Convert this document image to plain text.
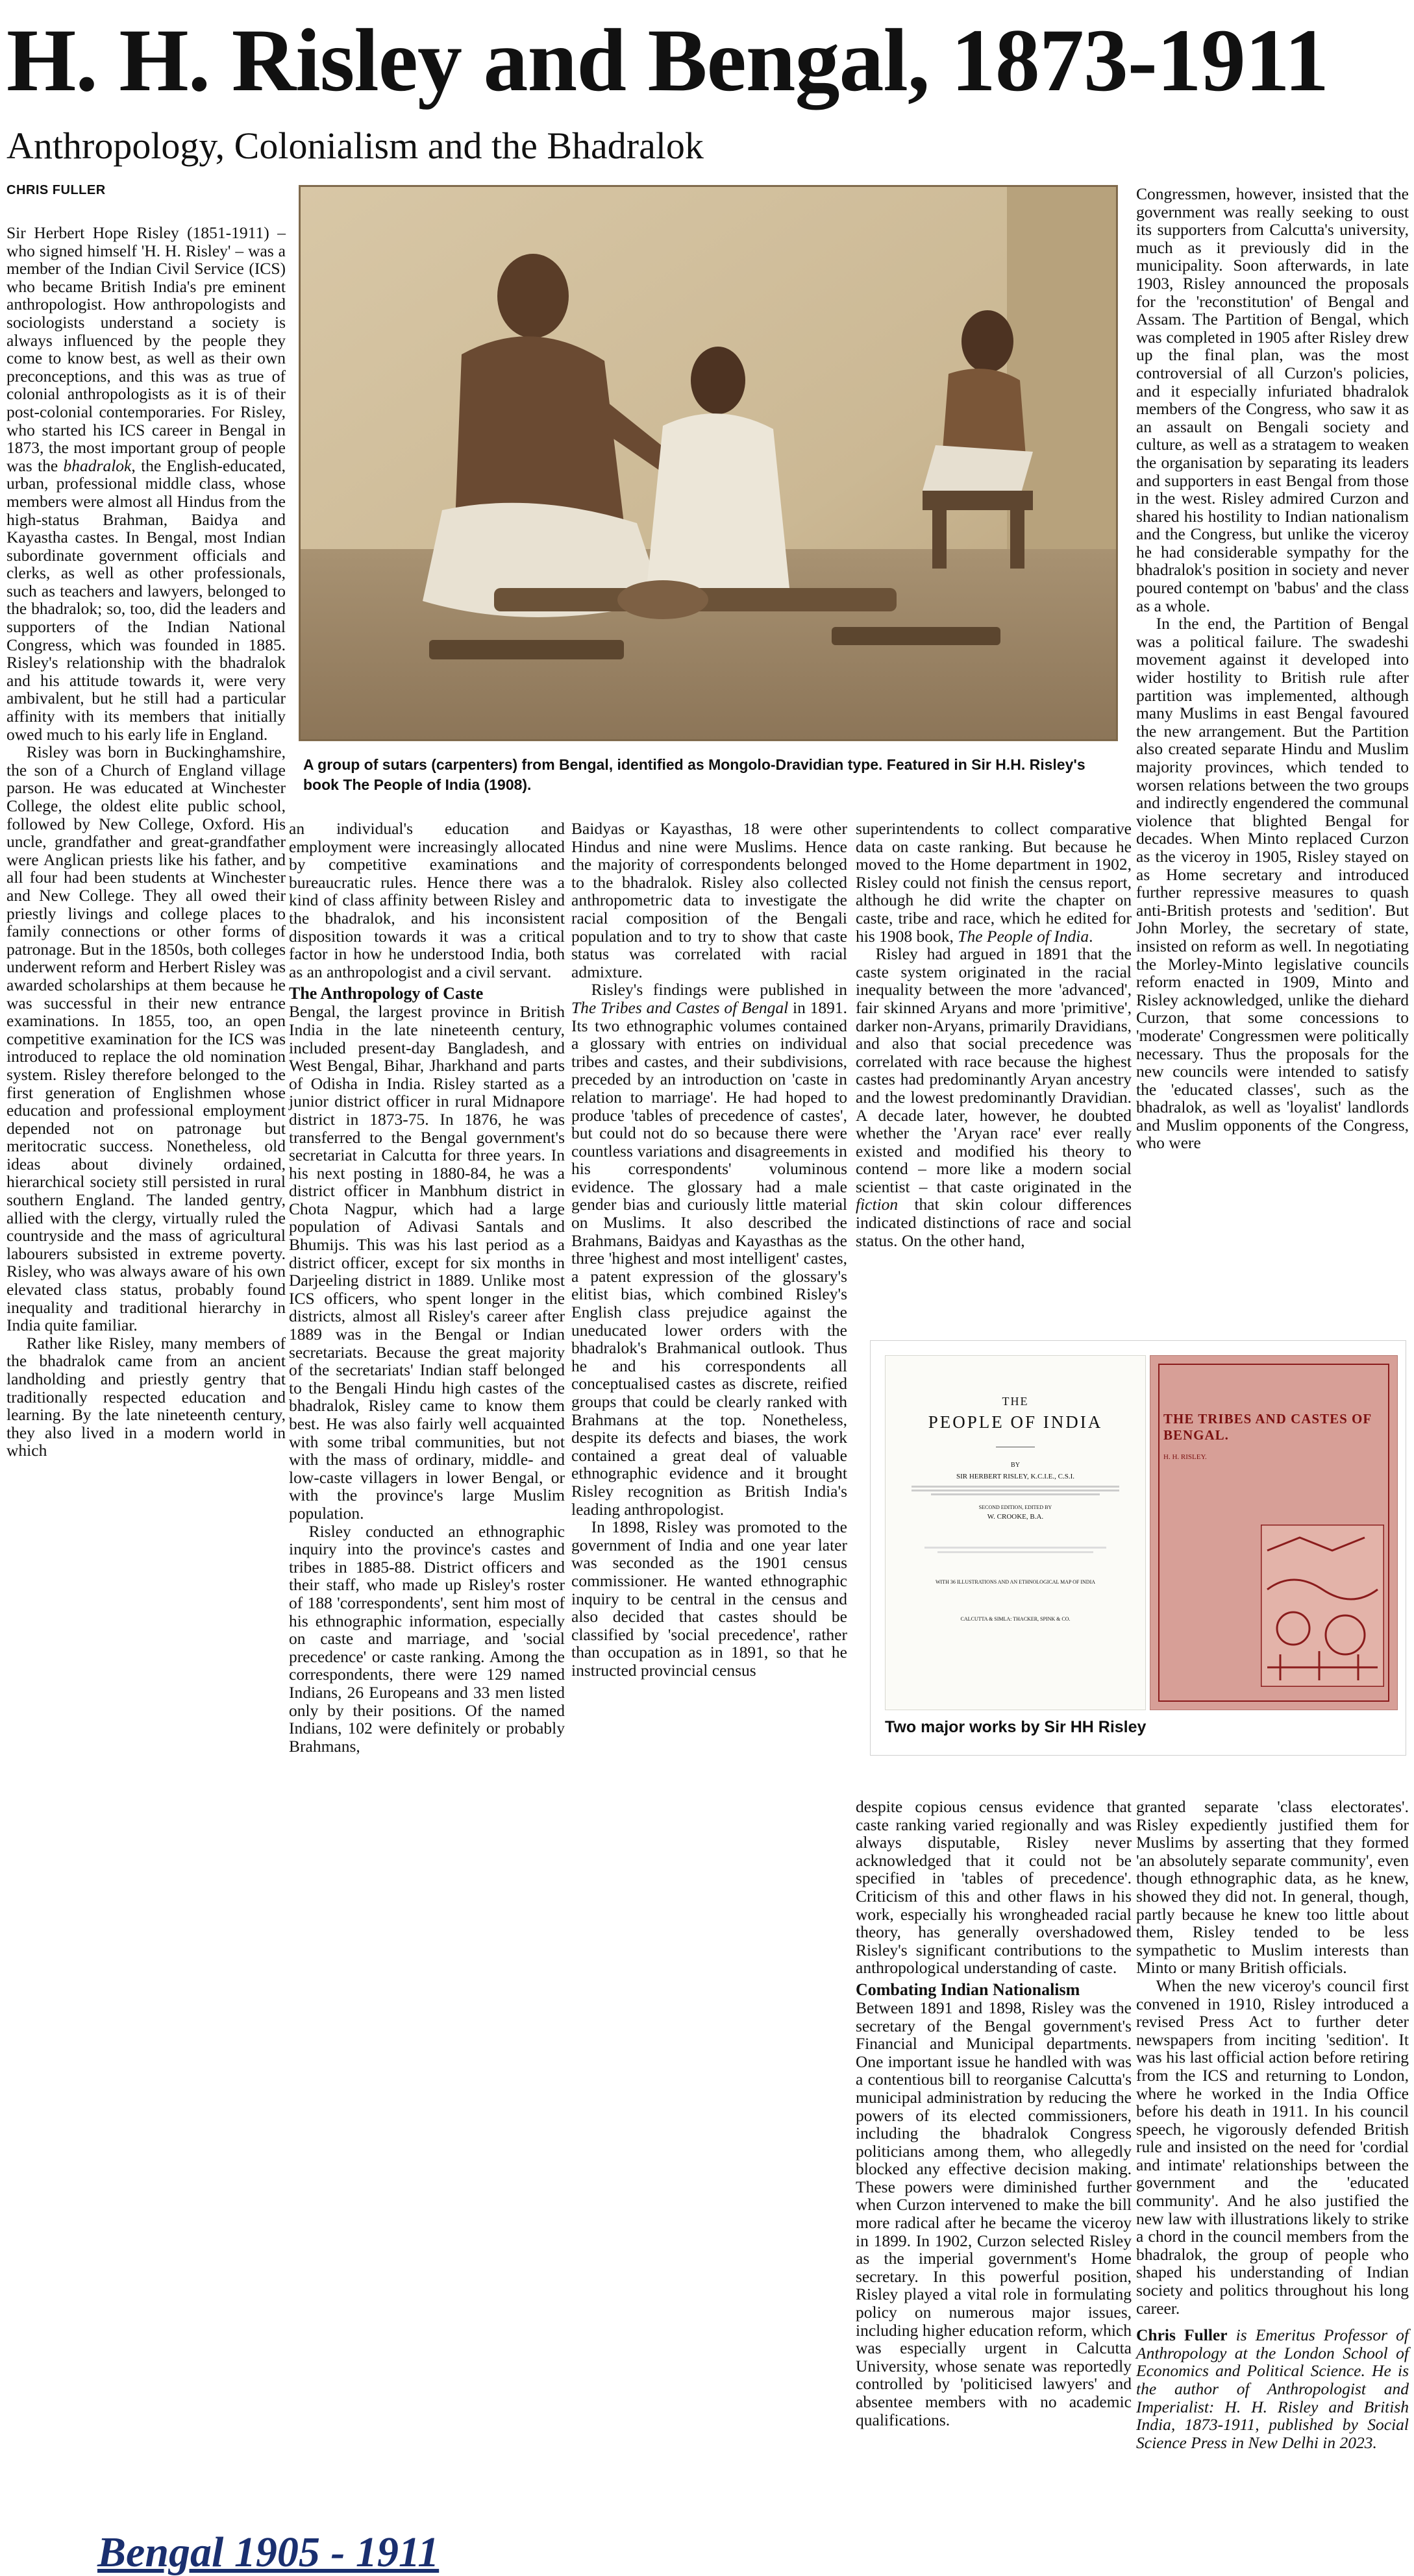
H. H. Risley and Bengal, 1873-1911
Anthropology, Colonialism and the Bhadralok
CHRIS FULLER
A group of sutars (carpenters) from Bengal, identified as Mongolo-Dravidian type. Featured in Sir H.H. Risley's book The People of India (1908).

Sir Herbert Hope Risley (1851-1911) – who signed himself 'H. H. Risley' – was a member of the Indian Civil Service (ICS) who became British India's pre eminent anthropologist. How anthropologists and sociologists understand a society is always influenced by the people they come to know best, as well as their own preconceptions, and this was as true of colonial anthropologists as it is of their post-colonial contemporaries. For Risley, who started his ICS career in Bengal in 1873, the most important group of people was the bhadralok, the English-educated, urban, professional middle class, whose members were almost all Hindus from the high-status Brahman, Baidya and Kayastha castes. In Bengal, most Indian subordinate government officials and clerks, as well as other professionals, such as teachers and lawyers, belonged to the bhadralok; so, too, did the leaders and supporters of the Indian National Congress, which was founded in 1885. Risley's relationship with the bhadralok and his attitude towards it, were very ambivalent, but he still had a particular affinity with its members that initially owed much to his early life in England.

Risley was born in Buckinghamshire, the son of a Church of England village parson. He was educated at Winchester College, the oldest elite public school, followed by New College, Oxford. His uncle, grandfather and great-grandfather were Anglican priests like his father, and all four had been students at Winchester and New College. They all owed their priestly livings and college places to family connections or other forms of patronage. But in the 1850s, both colleges underwent reform and Herbert Risley was awarded scholarships at them because he was successful in their new entrance examinations. In 1855, too, an open competitive examination for the ICS was introduced to replace the old nomination system. Risley therefore belonged to the first generation of Englishmen whose education and professional employment depended not on patronage but meritocratic success. Nonetheless, old ideas about divinely ordained, hierarchical society still persisted in rural southern England. The landed gentry, allied with the clergy, virtually ruled the countryside and the mass of agricultural labourers subsisted in extreme poverty. Risley, who was always aware of his own elevated class status, probably found inequality and traditional hierarchy in India quite familiar.

Rather like Risley, many members of the bhadralok came from an ancient landholding and priestly gentry that traditionally respected education and learning. By the late nineteenth century, they also lived in a modern world in which

an individual's education and employment were increasingly allocated by competitive examinations and bureaucratic rules. Hence there was a kind of class affinity between Risley and the bhadralok, and his inconsistent disposition towards it was a critical factor in how he understood India, both as an anthropologist and a civil servant.

The Anthropology of Caste

Bengal, the largest province in British India in the late nineteenth century, included present-day Bangladesh, and West Bengal, Bihar, Jharkhand and parts of Odisha in India. Risley started as a junior district officer in rural Midnapore district in 1873-75. In 1876, he was transferred to the Bengal government's secretariat in Calcutta for three years. In his next posting in 1880-84, he was a district officer in Manbhum district in Chota Nagpur, which had a large population of Adivasi Santals and Bhumijs. This was his last period as a district officer, except for six months in Darjeeling district in 1889. Unlike most ICS officers, who spent longer in the districts, almost all Risley's career after 1889 was in the Bengal or Indian secretariats. Because the great majority of the secretariats' Indian staff belonged to the Bengali Hindu high castes of the bhadralok, Risley came to know them best. He was also fairly well acquainted with some tribal communities, but not with the mass of ordinary, middle- and low-caste villagers in lower Bengal, or with the province's large Muslim population.

Risley conducted an ethnographic inquiry into the province's castes and tribes in 1885-88. District officers and their staff, who made up Risley's roster of 188 'correspondents', sent him most of his ethnographic information, especially on caste and marriage, and 'social precedence' or caste ranking. Among the correspondents, there were 129 named Indians, 26 Europeans and 33 men listed only by their positions. Of the named Indians, 102 were definitely or probably Brahmans,

Baidyas or Kayasthas, 18 were other Hindus and nine were Muslims. Hence the majority of correspondents belonged to the bhadralok. Risley also collected anthropometric data to investigate the racial composition of the Bengali population and to try to show that caste status was correlated with racial admixture.

Risley's findings were published in The Tribes and Castes of Bengal in 1891. Its two ethnographic volumes contained a glossary with entries on individual tribes and castes, and their subdivisions, preceded by an introduction on 'caste in relation to marriage'. He had hoped to produce 'tables of precedence of castes', but could not do so because there were countless variations and disagreements in his correspondents' voluminous evidence. The glossary had a male gender bias and curiously little material on Muslims. It also described the Brahmans, Baidyas and Kayasthas as the three 'highest and most intelligent' castes, a patent expression of the glossary's elitist bias, which combined Risley's English class prejudice against the uneducated lower orders with the bhadralok's Brahmanical outlook. Thus he and his correspondents all conceptualised castes as discrete, reified groups that could be clearly ranked with Brahmans at the top. Nonetheless, despite its defects and biases, the work contained a great deal of valuable ethnographic evidence and it brought Risley recognition as British India's leading anthropologist.

In 1898, Risley was promoted to the government of India and one year later was seconded as the 1901 census commissioner. He wanted ethnographic inquiry to be central in the census and also decided that castes should be classified by 'social precedence', rather than occupation as in 1891, so that he instructed provincial census

superintendents to collect comparative data on caste ranking. But because he moved to the Home department in 1902, Risley could not finish the census report, although he did write the chapter on caste, tribe and race, which he edited for his 1908 book, The People of India.

Risley had argued in 1891 that the caste system originated in the racial inequality between the more 'advanced', fair skinned Aryans and more 'primitive', darker non-Aryans, primarily Dravidians, and also that social precedence was correlated with race because the highest castes had predominantly Aryan ancestry and the lowest predominantly Dravidian. A decade later, however, he doubted whether the 'Aryan race' ever really existed and modified his theory to contend – more like a modern social scientist – that caste originated in the fiction that skin colour differences indicated distinctions of race and social status. On the other hand,

despite copious census evidence that caste ranking varied regionally and was always disputable, Risley never acknowledged that it could not be specified in 'tables of precedence'. Criticism of this and other flaws in his work, especially his wrongheaded racial theory, has generally overshadowed Risley's significant contributions to the anthropological understanding of caste.

Combating Indian Nationalism

Between 1891 and 1898, Risley was the secretary of the Bengal government's Financial and Municipal departments. One important issue he handled with was a contentious bill to reorganise Calcutta's municipal administration by reducing the powers of its elected commissioners, including the bhadralok Congress politicians among them, who allegedly blocked any effective decision making. These powers were diminished further when Curzon intervened to make the bill more radical after he became the viceroy in 1899. In 1902, Curzon selected Risley as the imperial government's Home secretary. In this powerful position, Risley played a vital role in formulating policy on numerous major issues, including higher education reform, which was especially urgent in Calcutta University, whose senate was reportedly controlled by 'politicised lawyers' and absentee members with no academic qualifications.

Congressmen, however, insisted that the government was really seeking to oust its supporters from Calcutta's university, much as it previously did in the municipality. Soon afterwards, in late 1903, Risley announced the proposals for the 'reconstitution' of Bengal and Assam. The Partition of Bengal, which was completed in 1905 after Risley drew up the final plan, was the most controversial of all Curzon's policies, and it especially infuriated bhadralok members of the Congress, who saw it as an assault on Bengali society and culture, as well as a stratagem to weaken the organisation by separating its leaders and supporters in east Bengal from those in the west. Risley admired Curzon and shared his hostility to Indian nationalism and the Congress, but unlike the viceroy he had considerable sympathy for the bhadralok's position in society and never poured contempt on 'babus' and the class as a whole.

In the end, the Partition of Bengal was a political failure. The swadeshi movement against it developed into wider hostility to British rule after partition was implemented, although many Muslims in east Bengal favoured the new arrangement. But the Partition also created separate Hindu and Muslim majority provinces, which tended to worsen relations between the two groups and indirectly engendered the communal violence that blighted Bengal for decades. When Minto replaced Curzon as the viceroy in 1905, Risley stayed on as Home secretary and introduced further repressive measures to quash anti-British protests and 'sedition'. But John Morley, the secretary of state, insisted on reform as well. In negotiating the Morley-Minto legislative councils reform enacted in 1909, Minto and Risley acknowledged, unlike the diehard Curzon, that some concessions to 'moderate' Congressmen were politically necessary. Thus the proposals for the new councils were intended to satisfy the 'educated classes', such as the bhadralok, as well as 'loyalist' landlords and Muslim opponents of the Congress, who were

granted separate 'class electorates'. Risley expediently justified them for Muslims by asserting that they formed 'an absolutely separate community', even though ethnographic data, as he knew, showed they did not. In general, though, partly because he knew too little about them, Risley tended to be less sympathetic to Muslim interests than Minto or many British officials.

When the new viceroy's council first convened in 1910, Risley introduced a revised Press Act to further deter newspapers from inciting 'sedition'. It was his last official action before retiring from the ICS and returning to London, where he worked in the India Office before his death in 1911. In his council speech, he vigorously defended British rule and insisted on the need for 'cordial and intimate' relationships between the government and the 'educated community'. And he also justified the new law with illustrations likely to strike a chord in the council members from the bhadralok, the group of people who shaped his understanding of Indian society and politics throughout his long career.

Chris Fuller is Emeritus Professor of Anthropology at the London School of Economics and Political Science. He is the author of Anthropologist and Imperialist: H. H. Risley and British India, 1873-1911, published by Social Science Press in New Delhi in 2023.

THE
PEOPLE OF INDIA
BY
SIR HERBERT RISLEY, K.C.I.E., C.S.I.
SECOND EDITION, EDITED BY
W. CROOKE, B.A.
WITH 36 ILLUSTRATIONS AND AN ETHNOLOGICAL MAP OF INDIA
CALCUTTA & SIMLA: THACKER, SPINK & CO.
THE TRIBES AND CASTES OF BENGAL.
H. H. RISLEY.
Two major works by Sir HH Risley
Bengal 1905 - 1911
